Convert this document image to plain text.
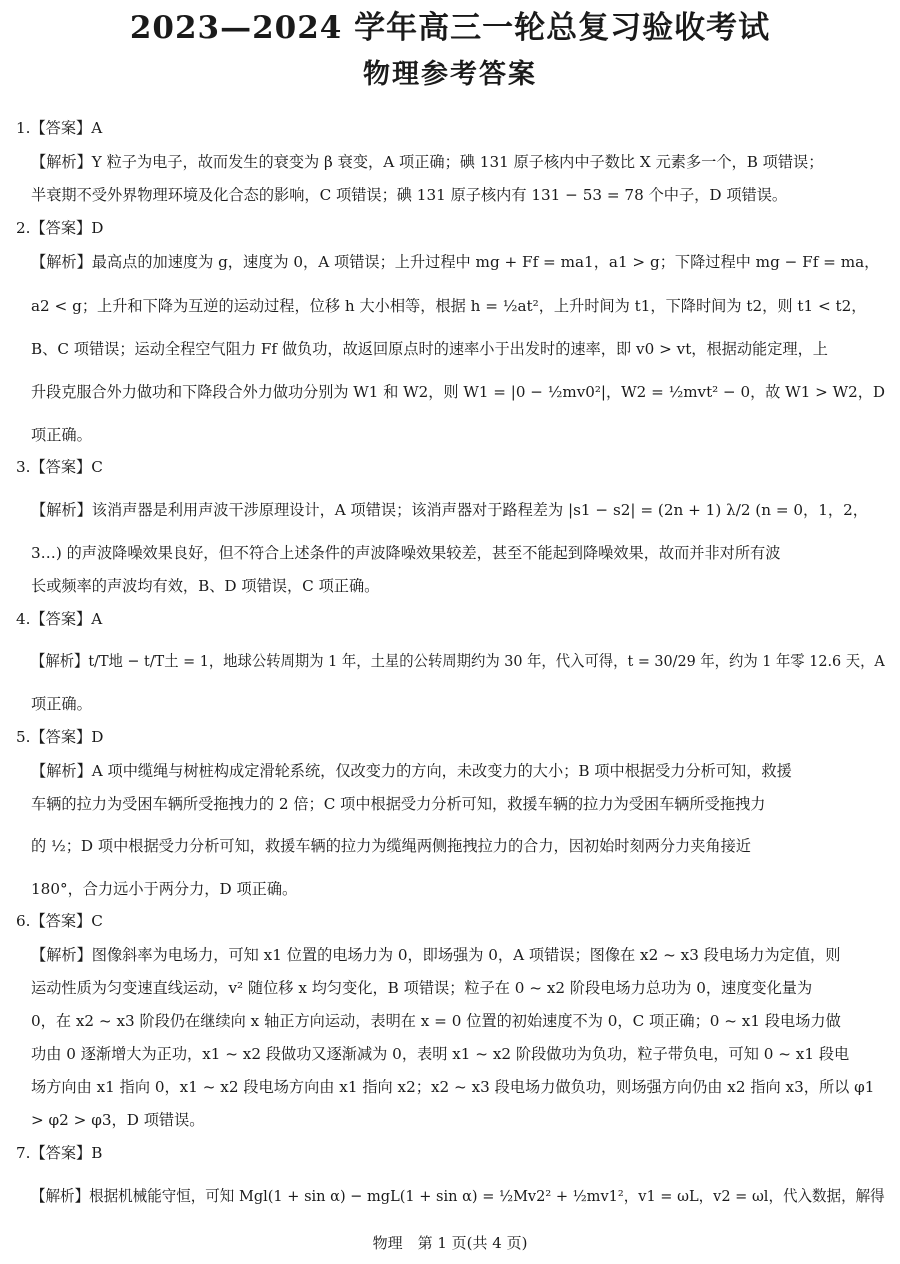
2023—2024 学年高三一轮总复习验收考试
物理参考答案
1.【答案】A
【解析】Y 粒子为电子，故而发生的衰变为 β 衰变，A 项正确；碘 131 原子核内中子数比 X 元素多一个，B 项错误；
半衰期不受外界物理环境及化合态的影响，C 项错误；碘 131 原子核内有 131 − 53 = 78 个中子，D 项错误。
2.【答案】D
【解析】最高点的加速度为 g，速度为 0，A 项错误；上升过程中 mg + Ff = ma1，a1 > g；下降过程中 mg − Ff = ma，
a2 < g；上升和下降为互逆的运动过程，位移 h 大小相等，根据 h = ½at²，上升时间为 t1，下降时间为 t2，则 t1 < t2，
B、C 项错误；运动全程空气阻力 Ff 做负功，故返回原点时的速率小于出发时的速率，即 v0 > vt，根据动能定理，上
升段克服合外力做功和下降段合外力做功分别为 W1 和 W2，则 W1 = |0 − ½mv0²|，W2 = ½mvt² − 0，故 W1 > W2，D
项正确。
3.【答案】C
【解析】该消声器是利用声波干涉原理设计，A 项错误；该消声器对于路程差为 |s1 − s2| = (2n + 1) λ/2 (n = 0，1，2，
3…) 的声波降噪效果良好，但不符合上述条件的声波降噪效果较差，甚至不能起到降噪效果，故而并非对所有波
长或频率的声波均有效，B、D 项错误，C 项正确。
4.【答案】A
【解析】t/T地 − t/T土 = 1，地球公转周期为 1 年，土星的公转周期约为 30 年，代入可得，t = 30/29 年，约为 1 年零 12.6 天，A
项正确。
5.【答案】D
【解析】A 项中缆绳与树桩构成定滑轮系统，仅改变力的方向，未改变力的大小；B 项中根据受力分析可知，救援
车辆的拉力为受困车辆所受拖拽力的 2 倍；C 项中根据受力分析可知，救援车辆的拉力为受困车辆所受拖拽力
的 ½；D 项中根据受力分析可知，救援车辆的拉力为缆绳两侧拖拽拉力的合力，因初始时刻两分力夹角接近
180°，合力远小于两分力，D 项正确。
6.【答案】C
【解析】图像斜率为电场力，可知 x1 位置的电场力为 0，即场强为 0，A 项错误；图像在 x2 ~ x3 段电场力为定值，则
运动性质为匀变速直线运动，v² 随位移 x 均匀变化，B 项错误；粒子在 0 ~ x2 阶段电场力总功为 0，速度变化量为
0，在 x2 ~ x3 阶段仍在继续向 x 轴正方向运动，表明在 x = 0 位置的初始速度不为 0，C 项正确；0 ~ x1 段电场力做
功由 0 逐渐增大为正功，x1 ~ x2 段做功又逐渐减为 0，表明 x1 ~ x2 阶段做功为负功，粒子带负电，可知 0 ~ x1 段电
场方向由 x1 指向 0，x1 ~ x2 段电场方向由 x1 指向 x2；x2 ~ x3 段电场力做负功，则场强方向仍由 x2 指向 x3，所以 φ1
> φ2 > φ3，D 项错误。
7.【答案】B
【解析】根据机械能守恒，可知 Mgl(1 + sin α) − mgL(1 + sin α) = ½Mv2² + ½mv1²，v1 = ωL，v2 = ωl，代入数据，解得
物理　第 1 页(共 4 页)
